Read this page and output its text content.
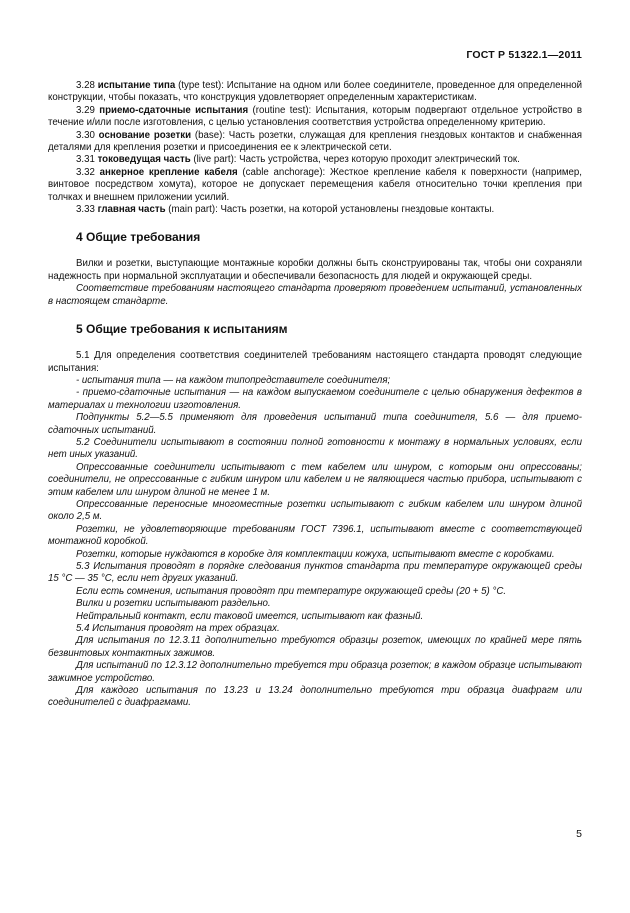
ГОСТ Р 51322.1—2011

3.28 испытание типа (type test): Испытание на одном или более соединителе, проведенное для определенной конструкции, чтобы показать, что конструкция удовлетворяет определенным характеристикам.

3.29 приемо-сдаточные испытания (routine test): Испытания, которым подвергают отдельное устройство в течение и/или после изготовления, с целью установления соответствия устройства определенному критерию.

3.30 основание розетки (base): Часть розетки, служащая для крепления гнездовых контактов и снабженная деталями для крепления розетки и присоединения ее к электрической сети.

3.31 токоведущая часть (live part): Часть устройства, через которую проходит электрический ток.

3.32 анкерное крепление кабеля (cable anchorage): Жесткое крепление кабеля к поверхности (например, винтовое посредством хомута), которое не допускает перемещения кабеля относительно точки крепления при толчках и внешнем приложении усилий.

3.33 главная часть (main part): Часть розетки, на которой установлены гнездовые контакты.

4 Общие требования

Вилки и розетки, выступающие монтажные коробки должны быть сконструированы так, чтобы они сохраняли надежность при нормальной эксплуатации и обеспечивали безопасность для людей и окружающей среды.

Соответствие требованиям настоящего стандарта проверяют проведением испытаний, установленных в настоящем стандарте.

5 Общие требования к испытаниям

5.1 Для определения соответствия соединителей требованиям настоящего стандарта проводят следующие испытания:

- испытания типа — на каждом типопредставителе соединителя;

- приемо-сдаточные испытания — на каждом выпускаемом соединителе с целью обнаружения дефектов в материалах и технологии изготовления.

Подпункты 5.2—5.5 применяют для проведения испытаний типа соединителя, 5.6 — для приемо-сдаточных испытаний.

5.2 Соединители испытывают в состоянии полной готовности к монтажу в нормальных условиях, если нет иных указаний.

Опрессованные соединители испытывают с тем кабелем или шнуром, с которым они опрессованы; соединители, не опрессованные с гибким шнуром или кабелем и не являющиеся частью прибора, испытывают с этим кабелем или шнуром длиной не менее 1 м.

Опрессованные переносные многоместные розетки испытывают с гибким кабелем или шнуром длиной около 2,5 м.

Розетки, не удовлетворяющие требованиям ГОСТ 7396.1, испытывают вместе с соответствующей монтажной коробкой.

Розетки, которые нуждаются в коробке для комплектации кожуха, испытывают вместе с коробками.

5.3 Испытания проводят в порядке следования пунктов стандарта при температуре окружающей среды 15 °С — 35 °С, если нет других указаний.

Если есть сомнения, испытания проводят при температуре окружающей среды (20 + 5) °С.

Вилки и розетки испытывают раздельно.

Нейтральный контакт, если таковой имеется, испытывают как фазный.

5.4 Испытания проводят на трех образцах.

Для испытания по 12.3.11 дополнительно требуются образцы розеток, имеющих по крайней мере пять безвинтовых контактных зажимов.

Для испытаний по 12.3.12 дополнительно требуется три образца розеток; в каждом образце испытывают зажимное устройство.

Для каждого испытания по 13.23 и 13.24 дополнительно требуются три образца диафрагм или соединителей с диафрагмами.

5
